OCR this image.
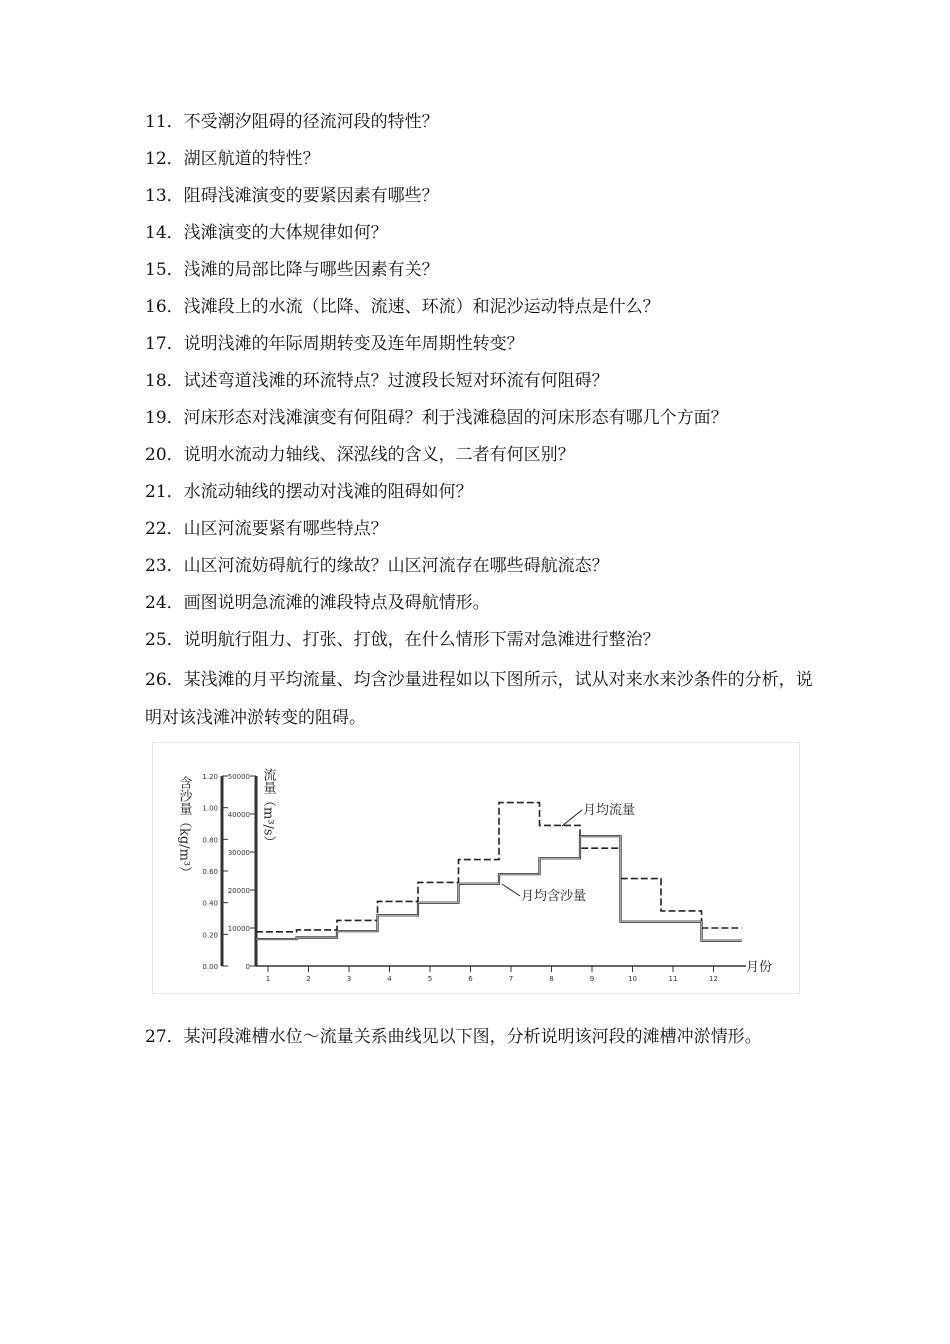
11．不受潮汐阻碍的径流河段的特性？
12．湖区航道的特性？
13．阻碍浅滩演变的要紧因素有哪些？
14．浅滩演变的大体规律如何？
15．浅滩的局部比降与哪些因素有关？
16．浅滩段上的水流（比降、流速、环流）和泥沙运动特点是什么？
17．说明浅滩的年际周期转变及连年周期性转变？
18．试述弯道浅滩的环流特点？过渡段长短对环流有何阻碍？
19．河床形态对浅滩演变有何阻碍？利于浅滩稳固的河床形态有哪几个方面？
20．说明水流动力轴线、深泓线的含义，二者有何区别？
21．水流动轴线的摆动对浅滩的阻碍如何？
22．山区河流要紧有哪些特点？
23．山区河流妨碍航行的缘故？山区河流存在哪些碍航流态？
24．画图说明急流滩的滩段特点及碍航情形。
25．说明航行阻力、打张、打戗，在什么情形下需对急滩进行整治？
26．某浅滩的月平均流量、均含沙量进程如以下图所示，试从对来水来沙条件的分析，说明对该浅滩冲淤转变的阻碍。
含沙量（kg/m³）	流量（m³/s）
0.00
0.20
0.40
0.60
0.80
1.00
1.20
0
10000
20000
30000
40000
50000
1	2	3	4	5	6	7	8	9	10	11	12
月份
月均流量
月均含沙量
27．某河段滩槽水位～流量关系曲线见以下图，分析说明该河段的滩槽冲淤情形。
